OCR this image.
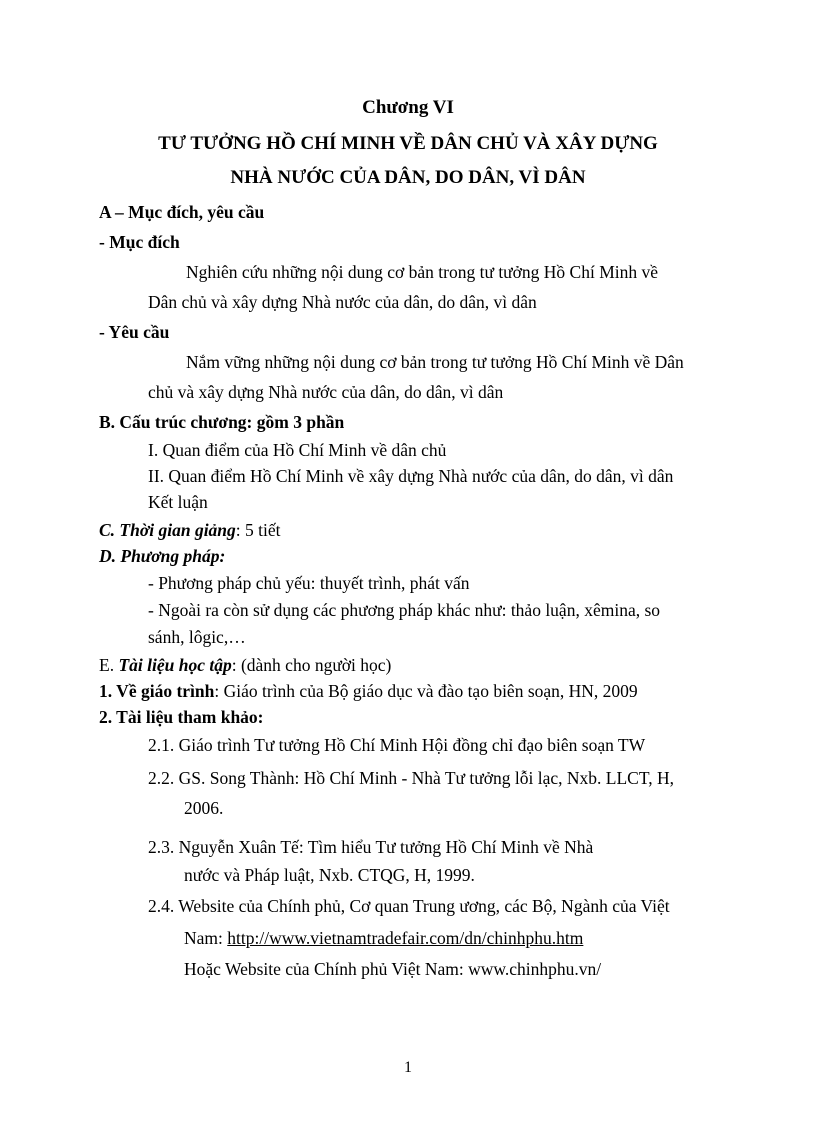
Chương VI
TƯ TƯỞNG HỒ CHÍ MINH VỀ DÂN CHỦ VÀ XÂY DỰNG
NHÀ NƯỚC CỦA DÂN, DO DÂN, VÌ DÂN
A – Mục đích, yêu cầu
- Mục đích
Nghiên cứu những nội dung cơ bản trong tư tưởng Hồ Chí Minh về
Dân chủ và xây dựng Nhà nước của dân, do dân, vì dân
- Yêu cầu
Nắm vững những nội dung cơ bản trong tư tưởng Hồ Chí Minh về Dân
chủ và xây dựng Nhà nước của dân, do dân, vì dân
B. Cấu trúc chương: gồm 3 phần
I. Quan điểm của Hồ Chí Minh về dân chủ
II. Quan điểm Hồ Chí Minh về xây dựng Nhà nước của dân, do dân, vì dân
Kết luận
C. Thời gian giảng: 5 tiết
D. Phương pháp:
- Phương pháp chủ yếu: thuyết trình, phát vấn
- Ngoài ra còn sử dụng các phương pháp khác như: thảo luận, xêmina, so
sánh, lôgic,…
E. Tài liệu học tập: (dành cho người học)
1. Về giáo trình: Giáo trình của Bộ giáo dục và đào tạo biên soạn, HN, 2009
2. Tài liệu tham khảo:
2.1. Giáo trình Tư tưởng Hồ Chí Minh Hội đồng chỉ đạo biên soạn TW
2.2. GS. Song Thành: Hồ Chí Minh - Nhà Tư tưởng lỗi lạc, Nxb. LLCT, H,
2006.
2.3. Nguyễn Xuân Tế: Tìm hiểu Tư tưởng Hồ Chí Minh về Nhà
nước và Pháp luật, Nxb. CTQG, H, 1999.
2.4. Website của Chính phủ, Cơ quan Trung ương, các Bộ, Ngành của Việt
Nam: http://www.vietnamtradefair.com/dn/chinhphu.htm
Hoặc Website của Chính phủ Việt Nam: www.chinhphu.vn/
1
